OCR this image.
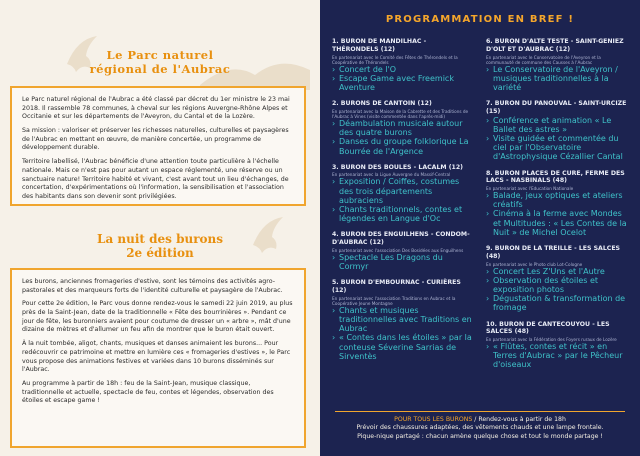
Le Parc naturel
régional de l'Aubrac

Le Parc naturel régional de l'Aubrac a été classé par décret du 1er ministre le 23 mai 2018. Il rassemble 78 communes, à cheval sur les régions Auvergne-Rhône Alpes et Occitanie et sur les départements de l'Aveyron, du Cantal et de la Lozère.

Sa mission : valoriser et préserver les richesses naturelles, culturelles et paysagères de l'Aubrac en mettant en œuvre, de manière concertée, un programme de développement durable.

Territoire labellisé, l'Aubrac bénéficie d'une attention toute particulière à l'échelle nationale. Mais ce n'est pas pour autant un espace réglementé, une réserve ou un sanctuaire nature! Territoire habité et vivant, c'est avant tout un lieu d'échanges, de concertation, d'expérimentations où l'information, la sensibilisation et l'association des habitants dans son devenir sont privilégiées.

La nuit des burons
2e édition

Les burons, anciennes fromageries d'estive, sont les témoins des activités agro-pastorales et des marqueurs forts de l'identité culturelle et paysagère de l'Aubrac.

Pour cette 2e édition, le Parc vous donne rendez-vous le samedi 22 juin 2019, au plus près de la Saint-Jean, date de la traditionnelle « Fête des bourrinières ». Pendant ce jour de fête, les buronniers avaient pour coutume de dresser un « arbre », mât d'une dizaine de mètres et d'allumer un feu afin de montrer que le buron était ouvert.

À la nuit tombée, aligot, chants, musiques et danses animaient les burons... Pour redécouvrir ce patrimoine et mettre en lumière ces « fromageries d'estives », le Parc vous propose des animations festives et variées dans 10 burons disséminés sur l'Aubrac.

Au programme à partir de 18h : feu de la Saint-Jean, musique classique, traditionnelle et actuelle, spectacle de feu, contes et légendes, observation des étoiles et escape game !

PROGRAMMATION EN BREF !
1. BURON DE MANDILHAC - THÉRONDELS (12)
En partenariat avec le Comité des Fêtes de Thérondels et la Coopérative de Thérondels
› Concert de l'O
› Escape Game avec Freemick Aventure
2. BURONS DE CANTOIN (12)
En partenariat avec la Maison de la Cabrette et des Traditions de l'Aubrac à Vines (visite commentée dans l'après-midi)
› Déambulation musicale autour des quatre burons
› Danses du groupe folklorique La Bourrée de l'Argence
3. BURON DES BOULES - LACALM (12)
En partenariat avec la Ligue Auvergne du Massif-Central
› Exposition / Coiffes, costumes des trois départements aubraciens
› Chants traditionnels, contes et légendes en Langue d'Oc
4. BURON DES ENGUILHENS - CONDOM-D'AUBRAC (12)
En partenariat avec l'association Des Bosidées aux Enguilhens
› Spectacle Les Dragons du Cormyr
5. BURON D'EMBOURNAC - CURIÈRES (12)
En partenariat avec l'association Traditions en Aubrac et la Coopérative Jeune Montagne
› Chants et musiques traditionnelles avec Traditions en Aubrac
› « Contes dans les étoiles » par la conteuse Séverine Sarrias de Sirventès
6. BURON D'ALTE TESTE - SAINT-GENIEZ D'OLT ET D'AUBRAC (12)
En partenariat avec le Conservatoire de l'Aveyron et la communauté de commune des Causses à l'Aubrac
› Le Conservatoire de l'Aveyron / musiques traditionnelles à la variété
7. BURON DU PANOUVAL - SAINT-URCIZE (15)
› Conférence et animation « Le Ballet des astres »
› Visite guidée et commentée du ciel par l'Observatoire d'Astrophysique Cézallier Cantal
8. BURON PLACES DE CURE, FERME DES LACS - NASBINALS (48)
En partenariat avec l'Education Nationale
› Balade, jeux optiques et ateliers créatifs
› Cinéma à la ferme avec Mondes et Multitudes : « Les Contes de la Nuit » de Michel Ocelot
9. BURON DE LA TREILLE - LES SALCES (48)
En partenariat avec le Photo club Lot-Cologne
› Concert Les Z'Uns et l'Autre
› Observation des étoiles et exposition photos
› Dégustation & transformation de fromage
10. BURON DE CANTECOUYOU - LES SALCES (48)
En partenariat avec la Fédération des Foyers ruraux de Lozère
› « Flûtes, contes et récit » en Terres d'Aubrac » par le Pêcheur d'oiseaux
POUR TOUS LES BURONS / Rendez-vous à partir de 18h
Prévoir des chaussures adaptées, des vêtements chauds et une lampe frontale.
Pique-nique partagé : chacun amène quelque chose et tout le monde partage !
